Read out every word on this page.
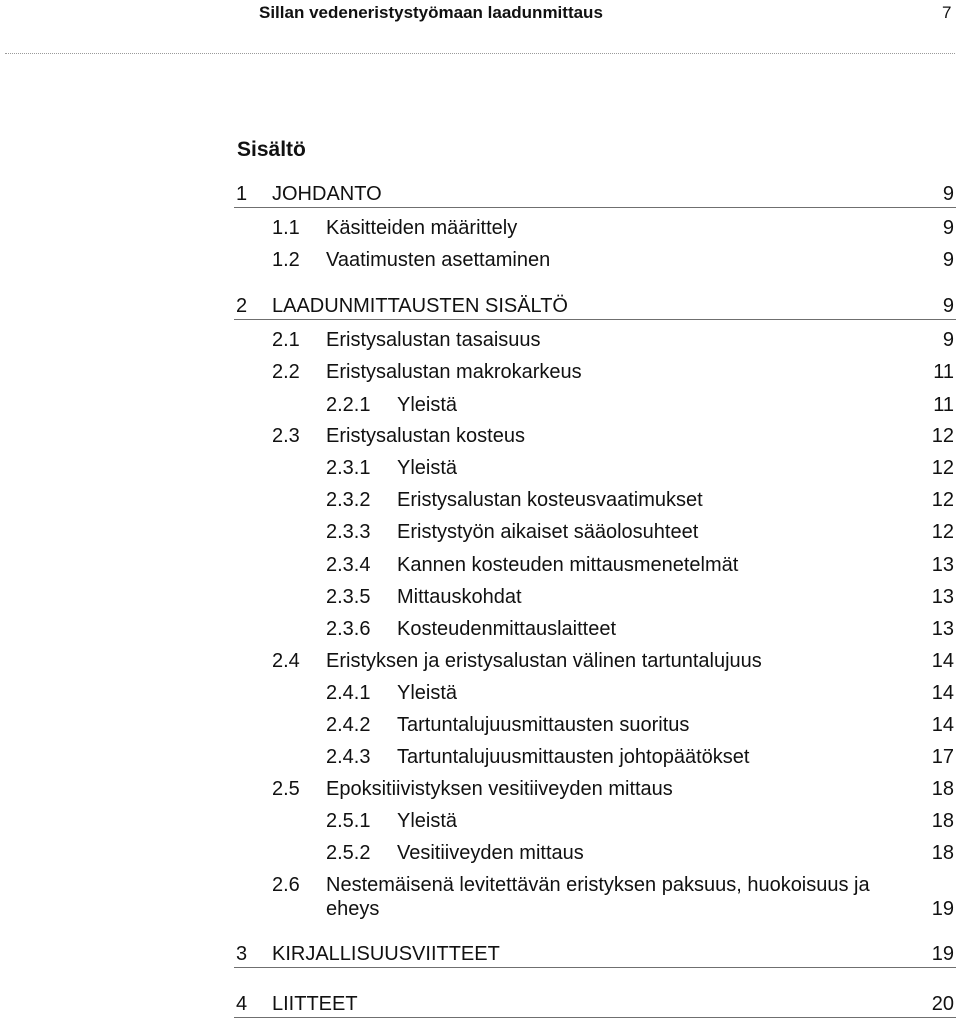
Sillan vedeneristystyömaan laadunmittaus	7
Sisältö
1 JOHDANTO	9
1.1 Käsitteiden määrittely	9
1.2 Vaatimusten asettaminen	9
2 LAADUNMITTAUSTEN SISÄLTÖ	9
2.1 Eristysalustan tasaisuus	9
2.2 Eristysalustan makrokarkeus	11
2.2.1 Yleistä	11
2.3 Eristysalustan kosteus	12
2.3.1 Yleistä	12
2.3.2 Eristysalustan kosteusvaatimukset	12
2.3.3 Eristystyön aikaiset sääolosuhteet	12
2.3.4 Kannen kosteuden mittausmenetelmät	13
2.3.5 Mittauskohdat	13
2.3.6 Kosteudenmittauslaitteet	13
2.4 Eristyksen ja eristysalustan välinen tartuntalujuus	14
2.4.1 Yleistä	14
2.4.2 Tartuntalujuusmittausten suoritus	14
2.4.3 Tartuntalujuusmittausten johtopäätökset	17
2.5 Epoksitiivistyksen vesitiiveyden mittaus	18
2.5.1 Yleistä	18
2.5.2 Vesitiiveyden mittaus	18
2.6 Nestemäisenä levitettävän eristyksen paksuus, huokoisuus ja
eheys	19
3 KIRJALLISUUSVIITTEET	19
4 LIITTEET	20
